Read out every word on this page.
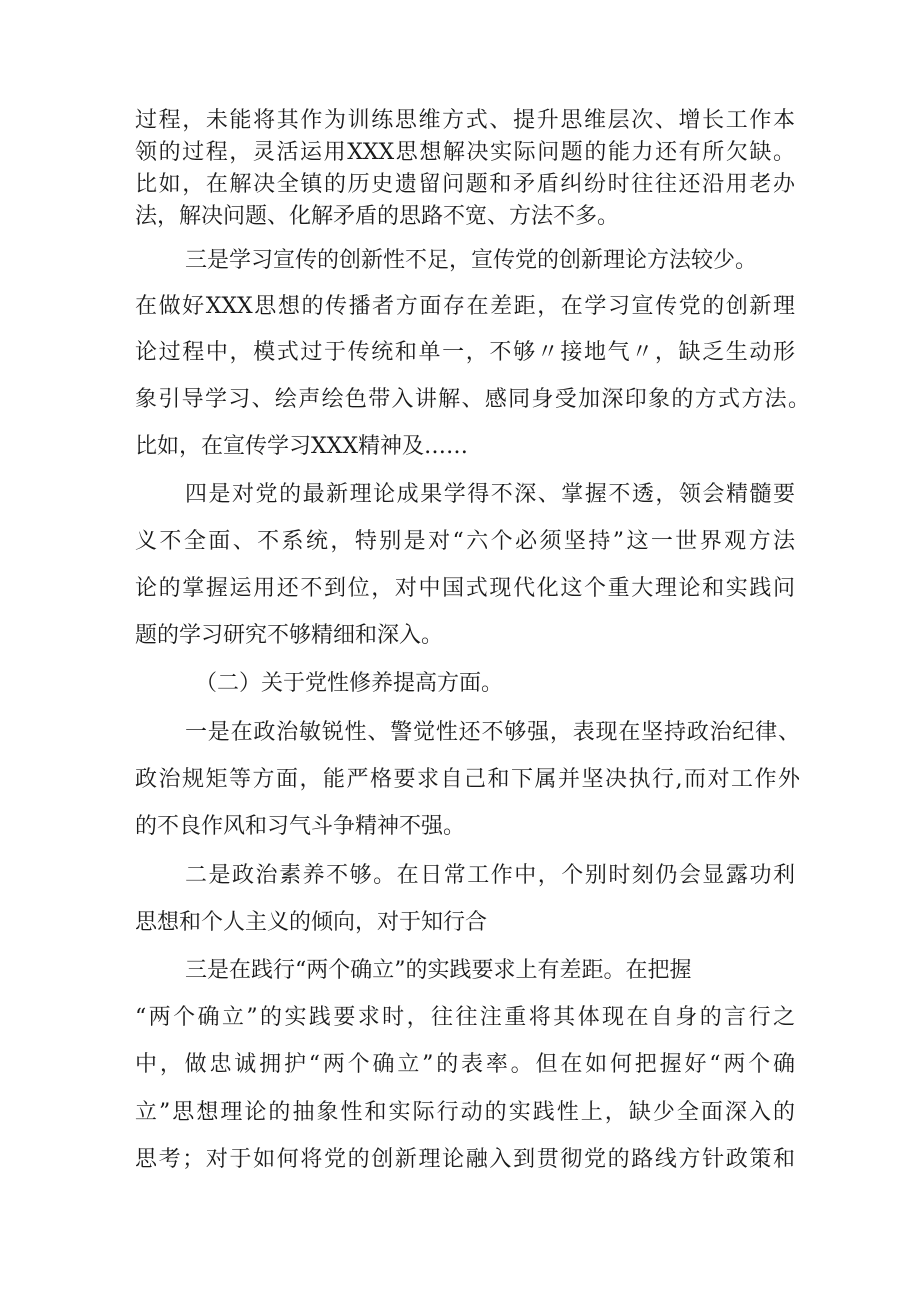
过程，未能将其作为训练思维方式、提升思维层次、增长工作本
领的过程，灵活运用XXX思想解决实际问题的能力还有所欠缺。
比如，在解决全镇的历史遗留问题和矛盾纠纷时往往还沿用老办
法，解决问题、化解矛盾的思路不宽、方法不多。
三是学习宣传的创新性不足，宣传党的创新理论方法较少。
在做好XXX思想的传播者方面存在差距，在学习宣传党的创新理
论过程中，模式过于传统和单一，不够〃接地气〃，缺乏生动形
象引导学习、绘声绘色带入讲解、感同身受加深印象的方式方法。
比如，在宣传学习XXX精神及……
四是对党的最新理论成果学得不深、掌握不透，领会精髓要
义不全面、不系统，特别是对“六个必须坚持”这一世界观方法
论的掌握运用还不到位，对中国式现代化这个重大理论和实践问
题的学习研究不够精细和深入。
（二）关于党性修养提高方面。
一是在政治敏锐性、警觉性还不够强，表现在坚持政治纪律、
政治规矩等方面，能严格要求自己和下属并坚决执行,而对工作外
的不良作风和习气斗争精神不强。
二是政治素养不够。在日常工作中，个别时刻仍会显露功利
思想和个人主义的倾向，对于知行合
三是在践行“两个确立”的实践要求上有差距。在把握
“两个确立”的实践要求时，往往注重将其体现在自身的言行之
中，做忠诚拥护“两个确立”的表率。但在如何把握好“两个确
立”思想理论的抽象性和实际行动的实践性上，缺少全面深入的
思考；对于如何将党的创新理论融入到贯彻党的路线方针政策和
